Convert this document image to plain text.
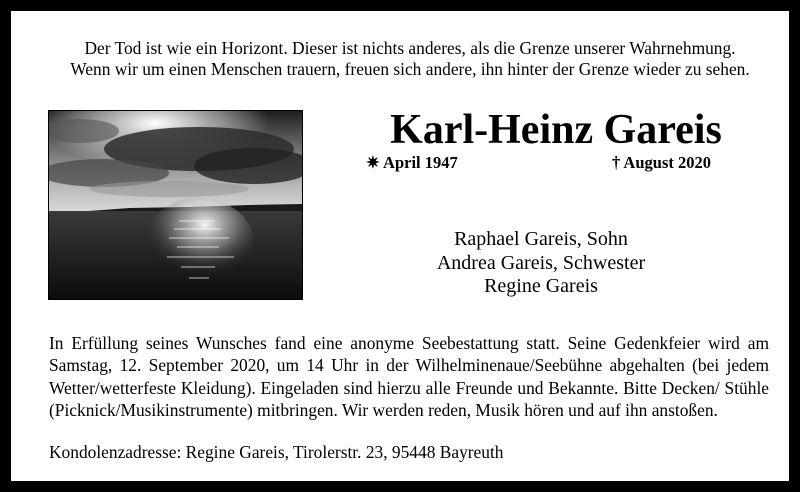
Der Tod ist wie ein Horizont. Dieser ist nichts anderes, als die Grenze unserer Wahrnehmung.
Wenn wir um einen Menschen trauern, freuen sich andere, ihn hinter der Grenze wieder zu sehen.
Karl-Heinz Gareis
✷ April 1947	† August 2020
Raphael Gareis, Sohn
Andrea Gareis, Schwester
Regine Gareis
In Erfüllung seines Wunsches fand eine anonyme Seebestattung statt. Seine Gedenkfeier wird am Samstag, 12. September 2020, um 14 Uhr in der Wilhelminenaue/Seebühne abgehalten (bei jedem Wetter/wetterfeste Kleidung). Eingeladen sind hierzu alle Freunde und Bekannte. Bitte Decken/ Stühle (Picknick/Musikinstrumente) mitbringen. Wir werden reden, Musik hören und auf ihn anstoßen.
Kondolenzadresse: Regine Gareis, Tirolerstr. 23, 95448 Bayreuth
